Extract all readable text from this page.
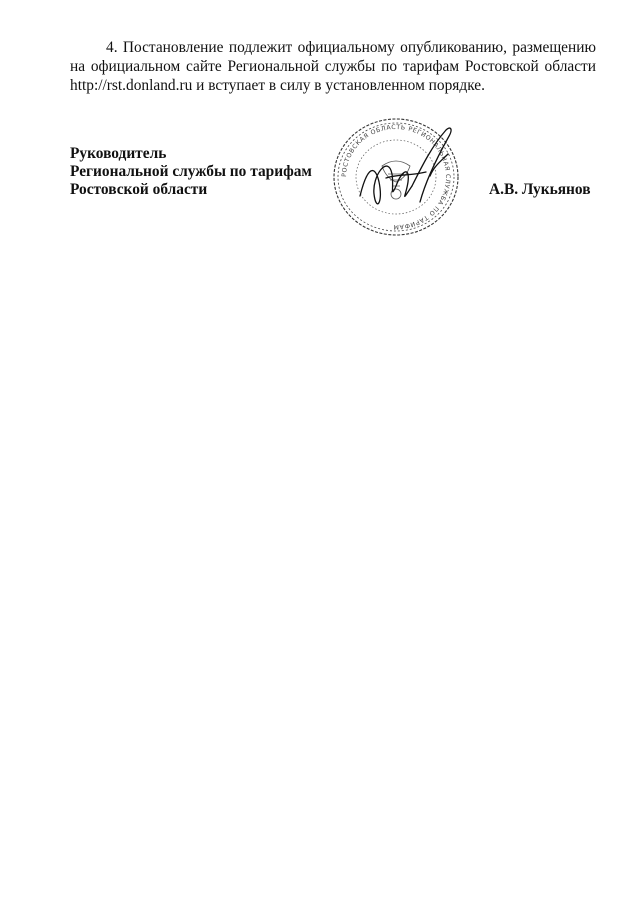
4. Постановление подлежит официальному опубликованию, размещению
на официальном сайте Региональной службы по тарифам Ростовской области
http://rst.donland.ru и вступает в силу в установленном порядке.

Руководитель
Региональной службы по тарифам
Ростовской области
РОСТОВСКАЯ ОБЛАСТЬ РЕГИОНАЛЬНАЯ СЛУЖБА ПО ТАРИФАМ
А.В. Лукьянов
